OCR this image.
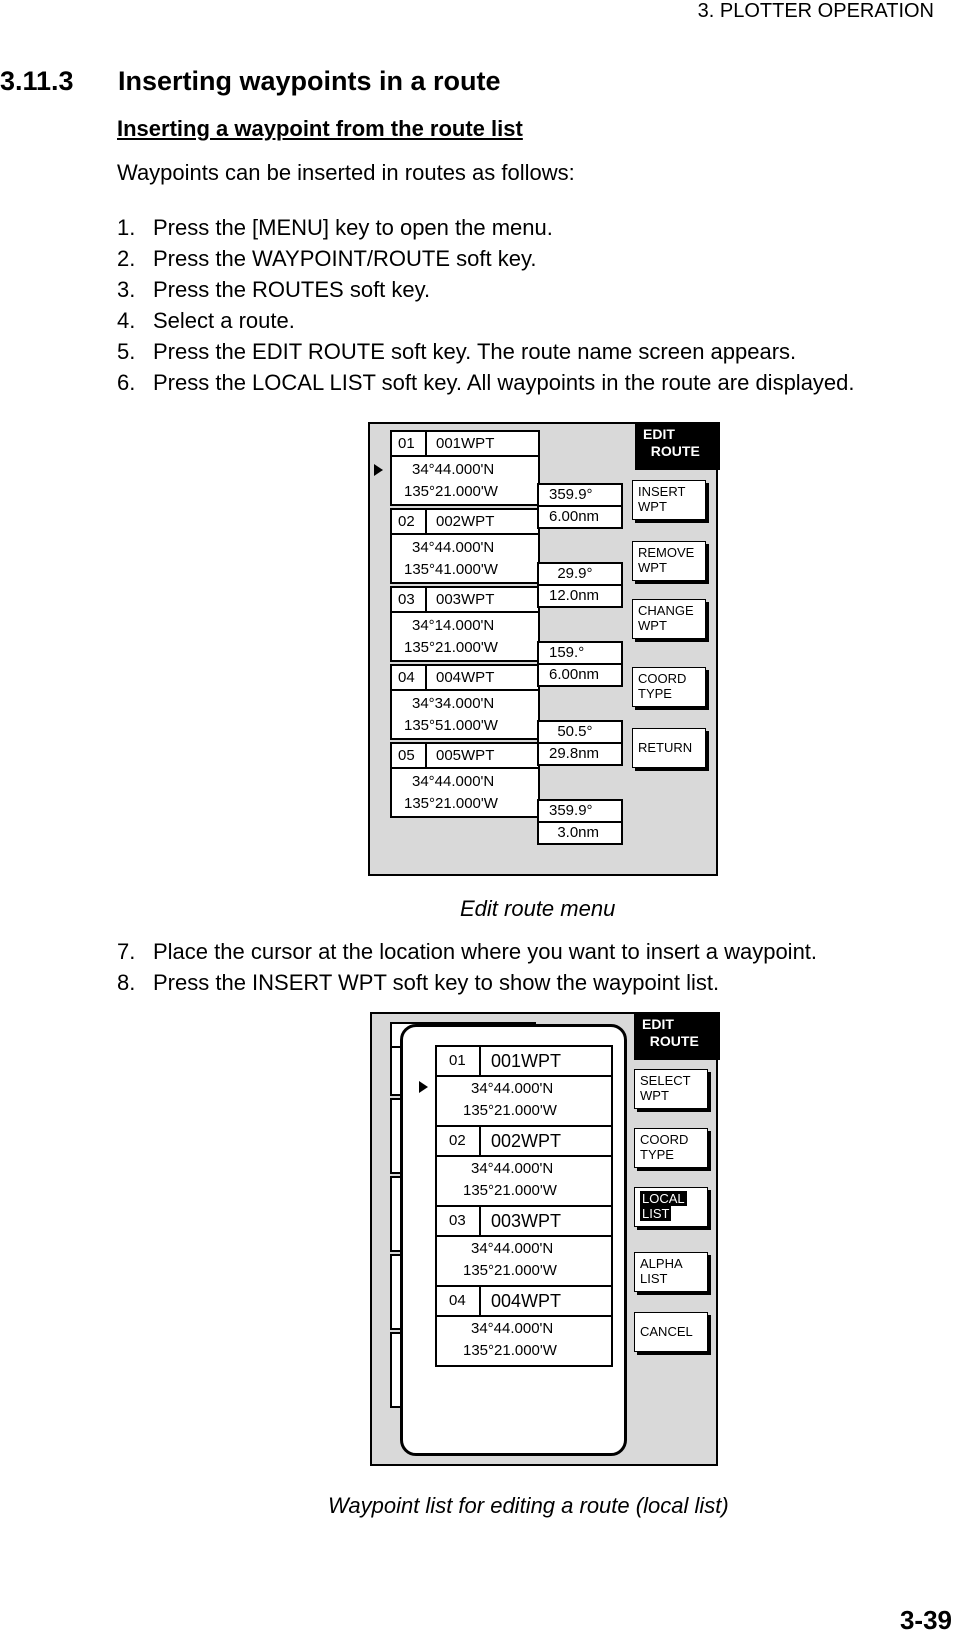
3. PLOTTER OPERATION
3.11.3 Inserting waypoints in a route
Inserting a waypoint from the route list
Waypoints can be inserted in routes as follows:
1. Press the [MENU] key to open the menu.
2. Press the WAYPOINT/ROUTE soft key.
3. Press the ROUTES soft key.
4. Select a route.
5. Press the EDIT ROUTE soft key. The route name screen appears.
6. Press the LOCAL LIST soft key. All waypoints in the route are displayed.
EDIT
ROUTE
01 001WPT
34°44.000'N
135°21.000'W
02 002WPT
34°44.000'N
135°41.000'W
03 003WPT
34°14.000'N
135°21.000'W
04 004WPT
34°34.000'N
135°51.000'W
05 005WPT
34°44.000'N
135°21.000'W
359.9°
6.00nm
29.9°
12.0nm
159.°
6.00nm
50.5°
29.8nm
359.9°
3.0nm
INSERT
WPT
REMOVE
WPT
CHANGE
WPT
COORD
TYPE
RETURN
Edit route menu
7. Place the cursor at the location where you want to insert a waypoint.
8. Press the INSERT WPT soft key to show the waypoint list.
EDIT
ROUTE
01 001WPT
34°44.000'N
135°21.000'W
02 002WPT
34°44.000'N
135°21.000'W
03 003WPT
34°44.000'N
135°21.000'W
04 004WPT
34°44.000'N
135°21.000'W
SELECT
WPT
COORD
TYPE
LOCAL
LIST
ALPHA
LIST
CANCEL
Waypoint list for editing a route (local list)
3-39
